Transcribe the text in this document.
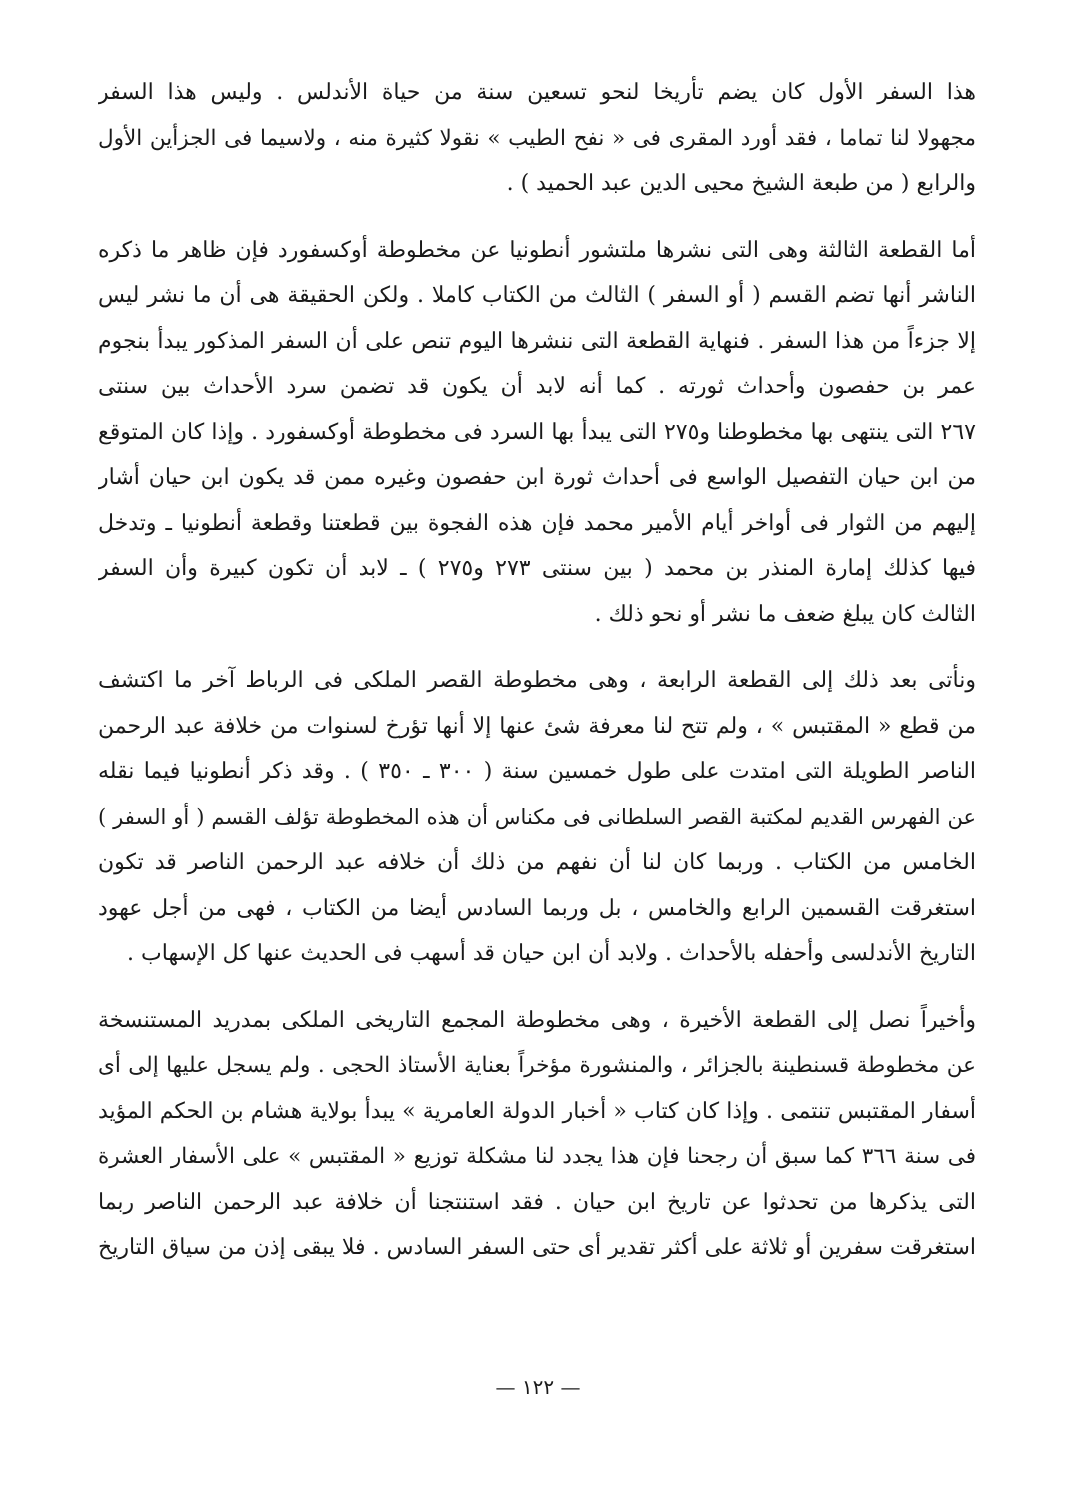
هذا السفر الأول كان يضم تأريخا لنحو تسعين سنة من حياة الأندلس . وليس هذا السفر
مجهولا لنا تماما ، فقد أورد المقرى فى « نفح الطيب » نقولا كثيرة منه ، ولاسيما فى الجزأين الأول
والرابع ( من طبعة الشيخ محيى الدين عبد الحميد ) .
أما القطعة الثالثة وهى التى نشرها ملتشور أنطونيا عن مخطوطة أوكسفورد فإن ظاهر ما ذكره
الناشر أنها تضم القسم ( أو السفر ) الثالث من الكتاب كاملا . ولكن الحقيقة هى أن ما نشر ليس
إلا جزءاً من هذا السفر . فنهاية القطعة التى ننشرها اليوم تنص على أن السفر المذكور يبدأ بنجوم
عمر بن حفصون وأحداث ثورته . كما أنه لابد أن يكون قد تضمن سرد الأحداث بين سنتى
٢٦٧ التى ينتهى بها مخطوطنا و٢٧٥ التى يبدأ بها السرد فى مخطوطة أوكسفورد . وإذا كان المتوقع
من ابن حيان التفصيل الواسع فى أحداث ثورة ابن حفصون وغيره ممن قد يكون ابن حيان أشار
إليهم من الثوار فى أواخر أيام الأمير محمد فإن هذه الفجوة بين قطعتنا وقطعة أنطونيا ـ وتدخل
فيها كذلك إمارة المنذر بن محمد ( بين سنتى ٢٧٣ و٢٧٥ ) ـ لابد أن تكون كبيرة وأن السفر
الثالث كان يبلغ ضعف ما نشر أو نحو ذلك .
ونأتى بعد ذلك إلى القطعة الرابعة ، وهى مخطوطة القصر الملكى فى الرباط آخر ما اكتشف
من قطع « المقتبس » ، ولم تتح لنا معرفة شئ عنها إلا أنها تؤرخ لسنوات من خلافة عبد الرحمن
الناصر الطويلة التى امتدت على طول خمسين سنة ( ٣٠٠ ـ ٣٥٠ ) . وقد ذكر أنطونيا فيما نقله
عن الفهرس القديم لمكتبة القصر السلطانى فى مكناس أن هذه المخطوطة تؤلف القسم ( أو السفر )
الخامس من الكتاب . وربما كان لنا أن نفهم من ذلك أن خلافه عبد الرحمن الناصر قد تكون
استغرقت القسمين الرابع والخامس ، بل وربما السادس أيضا من الكتاب ، فهى من أجل عهود
التاريخ الأندلسى وأحفله بالأحداث . ولابد أن ابن حيان قد أسهب فى الحديث عنها كل الإسهاب .
وأخيراً نصل إلى القطعة الأخيرة ، وهى مخطوطة المجمع التاريخى الملكى بمدريد المستنسخة
عن مخطوطة قسنطينة بالجزائر ، والمنشورة مؤخراً بعناية الأستاذ الحجى . ولم يسجل عليها إلى أى
أسفار المقتبس تنتمى . وإذا كان كتاب « أخبار الدولة العامرية » يبدأ بولاية هشام بن الحكم المؤيد
فى سنة ٣٦٦ كما سبق أن رجحنا فإن هذا يجدد لنا مشكلة توزيع « المقتبس » على الأسفار العشرة
التى يذكرها من تحدثوا عن تاريخ ابن حيان . فقد استنتجنا أن خلافة عبد الرحمن الناصر ربما
استغرقت سفرين أو ثلاثة على أكثر تقدير أى حتى السفر السادس . فلا يبقى إذن من سياق التاريخ
— ١٢٢ —
